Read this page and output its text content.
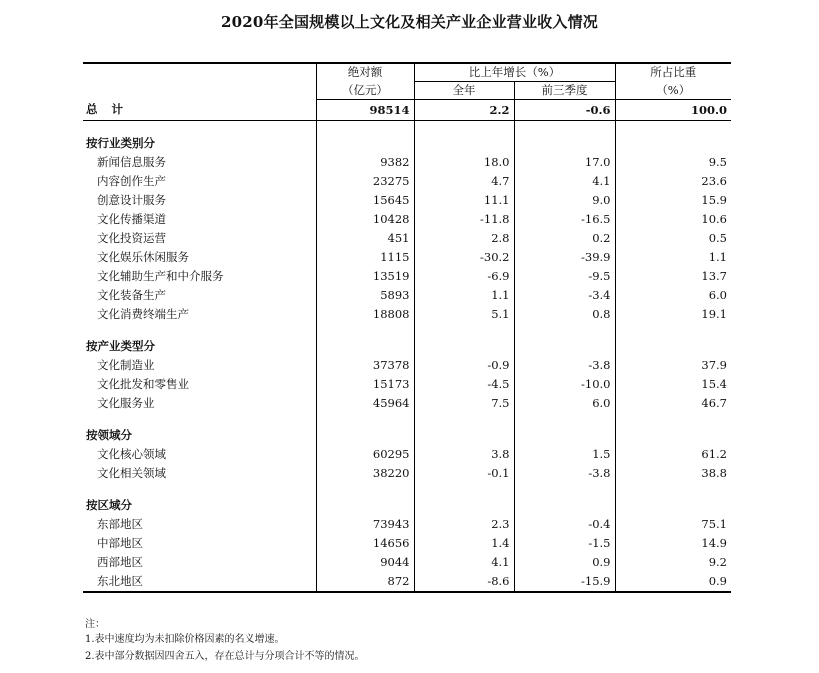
2020年全国规模以上文化及相关产业企业营业收入情况
	绝对额	比上年增长（%）		所占比重
	（亿元）	全年	前三季度	（%）
总计	98514	2.2	-0.6	100.0

按行业类别分				
新闻信息服务	9382	18.0	17.0	9.5
内容创作生产	23275	4.7	4.1	23.6
创意设计服务	15645	11.1	9.0	15.9
文化传播渠道	10428	-11.8	-16.5	10.6
文化投资运营	451	2.8	0.2	0.5
文化娱乐休闲服务	1115	-30.2	-39.9	1.1
文化辅助生产和中介服务	13519	-6.9	-9.5	13.7
文化装备生产	5893	1.1	-3.4	6.0
文化消费终端生产	18808	5.1	0.8	19.1

按产业类型分				
文化制造业	37378	-0.9	-3.8	37.9
文化批发和零售业	15173	-4.5	-10.0	15.4
文化服务业	45964	7.5	6.0	46.7

按领域分				
文化核心领域	60295	3.8	1.5	61.2
文化相关领域	38220	-0.1	-3.8	38.8

按区域分				
东部地区	73943	2.3	-0.4	75.1
中部地区	14656	1.4	-1.5	14.9
西部地区	9044	4.1	0.9	9.2
东北地区	872	-8.6	-15.9	0.9
注：
1.表中速度均为未扣除价格因素的名义增速。
2.表中部分数据因四舍五入，存在总计与分项合计不等的情况。
